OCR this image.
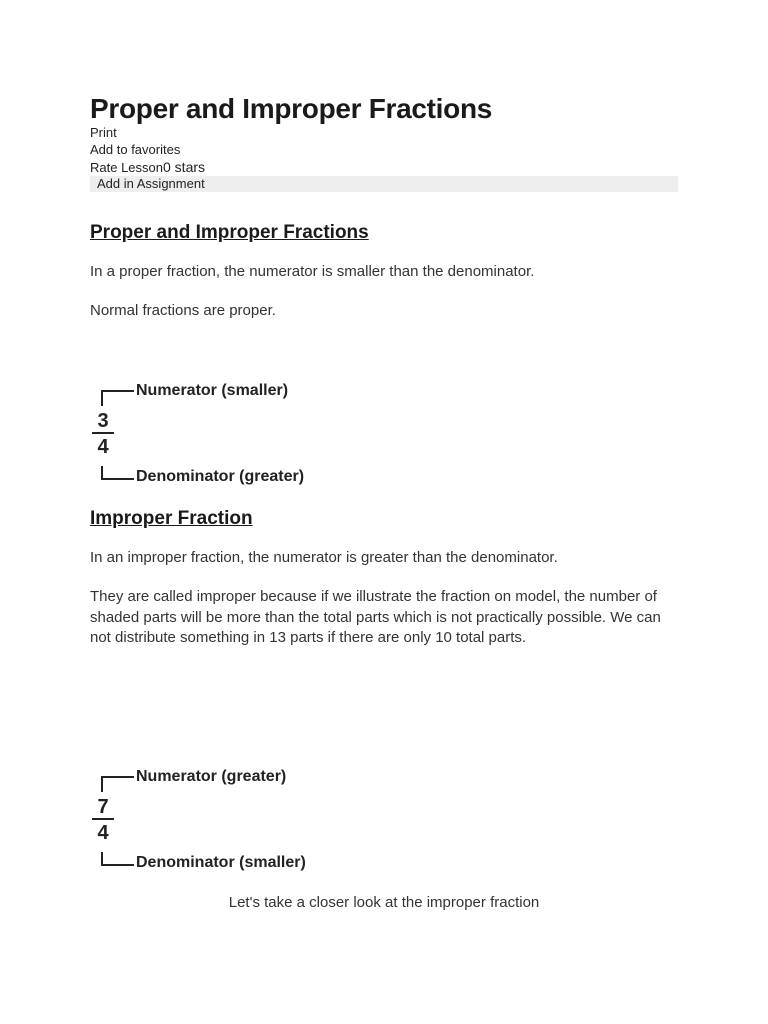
Proper and Improper Fractions
Print
Add to favorites
Rate Lesson0 stars
Add in Assignment
Proper and Improper Fractions

In a proper fraction, the numerator is smaller than the denominator.

Normal fractions are proper.

Numerator (smaller)
3
4
Denominator (greater)
Improper Fraction

In an improper fraction, the numerator is greater than the denominator.

They are called improper because if we illustrate the fraction on model, the number of shaded parts will be more than the total parts which is not practically possible. We can not distribute something in 13 parts if there are only 10 total parts.

Numerator (greater)
7
4
Denominator (smaller)
Let's take a closer look at the improper fraction
